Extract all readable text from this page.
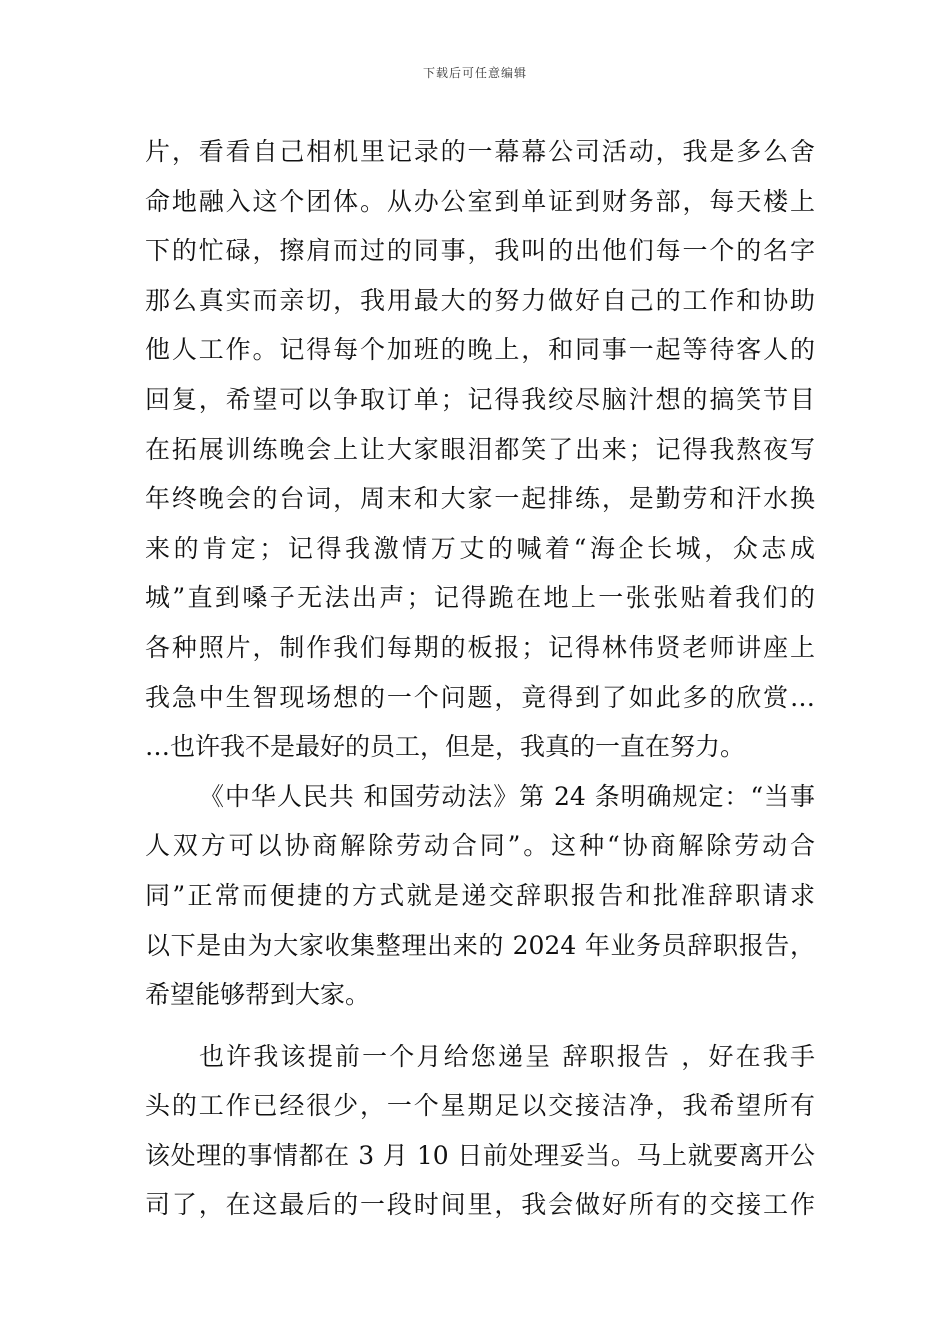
下载后可任意编辑
片，看看自己相机里记录的一幕幕公司活动，我是多么舍
命地融入这个团体。从办公室到单证到财务部，每天楼上
下的忙碌，擦肩而过的同事，我叫的出他们每一个的名字
那么真实而亲切，我用最大的努力做好自己的工作和协助
他人工作。记得每个加班的晚上，和同事一起等待客人的
回复，希望可以争取订单；记得我绞尽脑汁想的搞笑节目
在拓展训练晚会上让大家眼泪都笑了出来；记得我熬夜写
年终晚会的台词，周末和大家一起排练，是勤劳和汗水换
来的肯定；记得我激情万丈的喊着“海企长城，众志成
城”直到嗓子无法出声；记得跪在地上一张张贴着我们的
各种照片，制作我们每期的板报；记得林伟贤老师讲座上
我急中生智现场想的一个问题，竟得到了如此多的欣赏…
…也许我不是最好的员工，但是，我真的一直在努力。
《中华人民共 和国劳动法》第 24 条明确规定：“当事
人双方可以协商解除劳动合同”。这种“协商解除劳动合
同”正常而便捷的方式就是递交辞职报告和批准辞职请求
以下是由为大家收集整理出来的 2024 年业务员辞职报告，
希望能够帮到大家。
也许我该提前一个月给您递呈 辞职报告 ，好在我手
头的工作已经很少，一个星期足以交接洁净，我希望所有
该处理的事情都在 3 月 10 日前处理妥当。马上就要离开公
司了，在这最后的一段时间里，我会做好所有的交接工作
